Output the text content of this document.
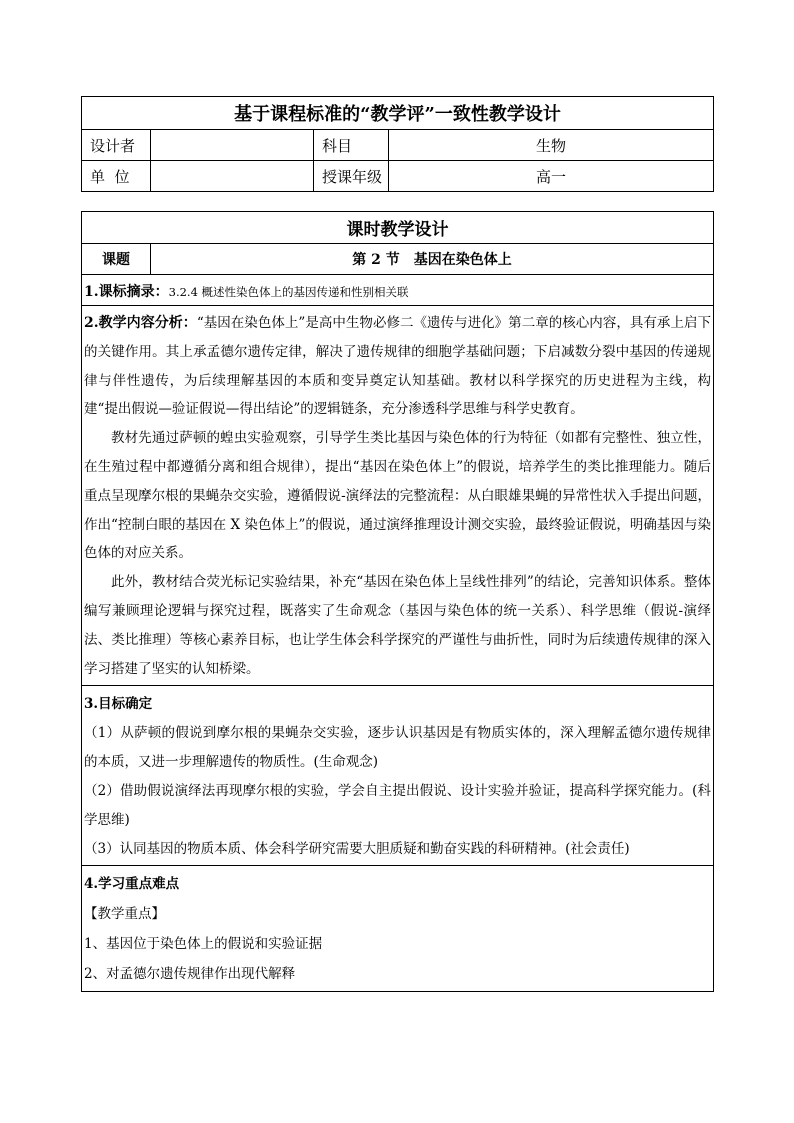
基于课程标准的“教学评”一致性教学设计			
设计者		科目	生物
单  位		授课年级	高一
课时教学设计
课题	第 2 节　基因在染色体上
1.课标摘录：3.2.4 概述性染色体上的基因传递和性别相关联

2.教学内容分析：“基因在染色体上”是高中生物必修二《遗传与进化》第二章的核心内容，具有承上启下的关键作用。其上承孟德尔遗传定律，解决了遗传规律的细胞学基础问题；下启减数分裂中基因的传递规律与伴性遗传，为后续理解基因的本质和变异奠定认知基础。教材以科学探究的历史进程为主线，构建“提出假说—验证假说—得出结论”的逻辑链条，充分渗透科学思维与科学史教育。

教材先通过萨顿的蝗虫实验观察，引导学生类比基因与染色体的行为特征（如都有完整性、独立性，在生殖过程中都遵循分离和组合规律），提出“基因在染色体上”的假说，培养学生的类比推理能力。随后重点呈现摩尔根的果蝇杂交实验，遵循假说-演绎法的完整流程：从白眼雄果蝇的异常性状入手提出问题，作出“控制白眼的基因在 X 染色体上”的假说，通过演绎推理设计测交实验，最终验证假说，明确基因与染色体的对应关系。

此外，教材结合荧光标记实验结果，补充“基因在染色体上呈线性排列”的结论，完善知识体系。整体编写兼顾理论逻辑与探究过程，既落实了生命观念（基因与染色体的统一关系）、科学思维（假说-演绎法、类比推理）等核心素养目标，也让学生体会科学探究的严谨性与曲折性，同时为后续遗传规律的深入学习搭建了坚实的认知桥梁。

3.目标确定

（1）从萨顿的假说到摩尔根的果蝇杂交实验，逐步认识基因是有物质实体的，深入理解孟德尔遗传规律的本质，又进一步理解遗传的物质性。(生命观念)

（2）借助假说演绎法再现摩尔根的实验，学会自主提出假说、设计实验并验证，提高科学探究能力。(科学思维)

（3）认同基因的物质本质、体会科学研究需要大胆质疑和勤奋实践的科研精神。(社会责任)

4.学习重点难点

【教学重点】

1、基因位于染色体上的假说和实验证据

2、对孟德尔遗传规律作出现代解释
